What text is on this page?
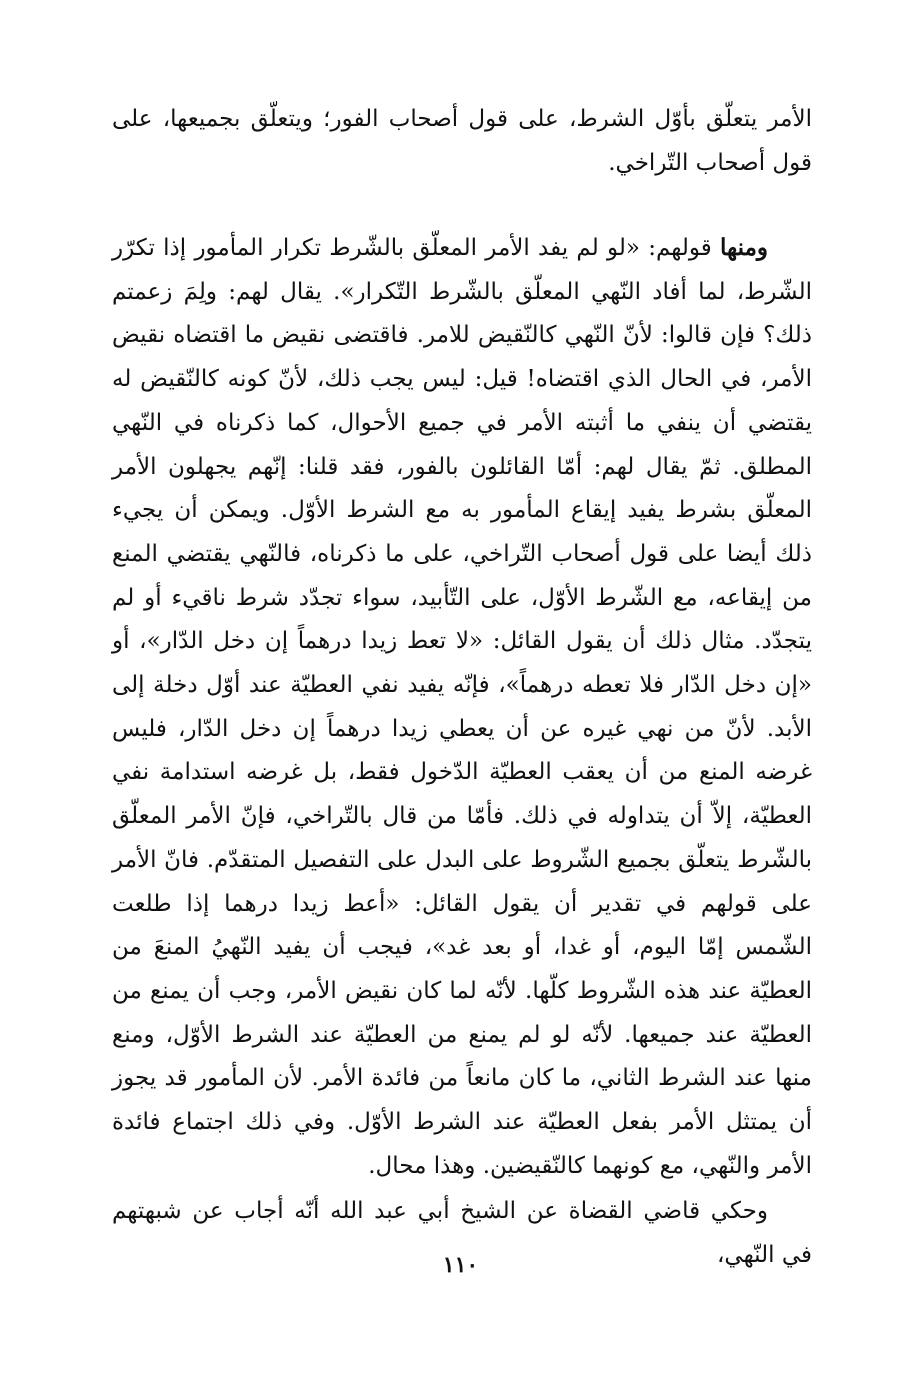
الأمر يتعلّق بأوّل الشرط، على قول أصحاب الفور؛ ويتعلّق بجميعها، على قول أصحاب التّراخي.

ومنها قولهم: «لو لم يفد الأمر المعلّق بالشّرط تكرار المأمور إذا تكرّر الشّرط، لما أفاد النّهي المعلّق بالشّرط التّكرار». يقال لهم: ولِمَ زعمتم ذلك؟ فإن قالوا: لأنّ النّهي كالنّقيض للامر. فاقتضى نقيض ما اقتضاه نقيض الأمر، في الحال الذي اقتضاه! قيل: ليس يجب ذلك، لأنّ كونه كالنّقيض له يقتضي أن ينفي ما أثبته الأمر في جميع الأحوال، كما ذكرناه في النّهي المطلق. ثمّ يقال لهم: أمّا القائلون بالفور، فقد قلنا: إنّهم يجهلون الأمر المعلّق بشرط يفيد إيقاع المأمور به مع الشرط الأوّل. ويمكن أن يجيء ذلك أيضا على قول أصحاب التّراخي، على ما ذكرناه، فالنّهي يقتضي المنع من إيقاعه، مع الشّرط الأوّل، على التّأبيد، سواء تجدّد شرط ناقيء أو لم يتجدّد. مثال ذلك أن يقول القائل: «لا تعط زيدا درهماً إن دخل الدّار»، أو «إن دخل الدّار فلا تعطه درهماً»، فإنّه يفيد نفي العطيّة عند أوّل دخلة إلى الأبد. لأنّ من نهي غيره عن أن يعطي زيدا درهماً إن دخل الدّار، فليس غرضه المنع من أن يعقب العطيّة الدّخول فقط، بل غرضه استدامة نفي العطيّة، إلاّ أن يتداوله في ذلك. فأمّا من قال بالتّراخي، فإنّ الأمر المعلّق بالشّرط يتعلّق بجميع الشّروط على البدل على التفصيل المتقدّم. فانّ الأمر على قولهم في تقدير أن يقول القائل: «أعط زيدا درهما إذا طلعت الشّمس إمّا اليوم، أو غدا، أو بعد غد»، فيجب أن يفيد النّهيُ المنعَ من العطيّة عند هذه الشّروط كلّها. لأنّه لما كان نقيض الأمر، وجب أن يمنع من العطيّة عند جميعها. لأنّه لو لم يمنع من العطيّة عند الشرط الأوّل، ومنع منها عند الشرط الثاني، ما كان مانعاً من فائدة الأمر. لأن المأمور قد يجوز أن يمتثل الأمر بفعل العطيّة عند الشرط الأوّل. وفي ذلك اجتماع فائدة الأمر والنّهي، مع كونهما كالنّقيضين. وهذا محال.

وحكي قاضي القضاة عن الشيخ أبي عبد الله أنّه أجاب عن شبهتهم في النّهي،

١١٠
